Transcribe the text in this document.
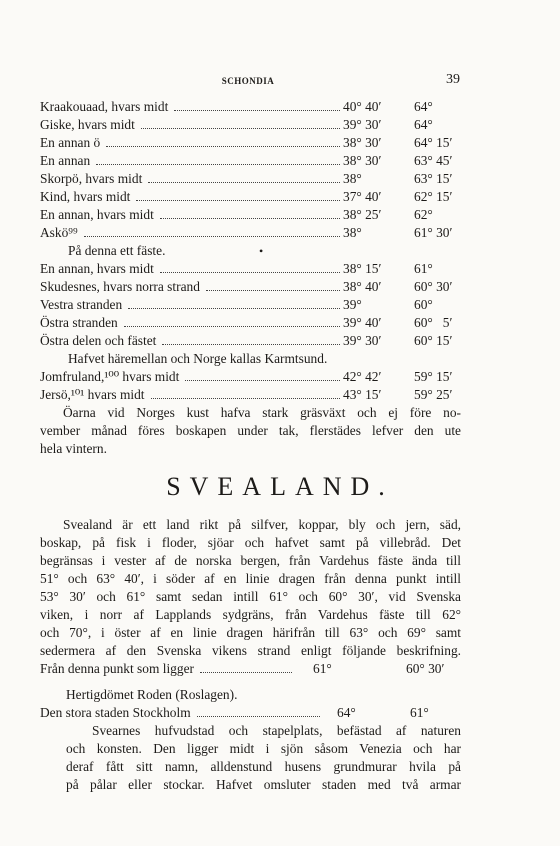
SCHONDIA	39
Kraakouaad, hvars midt	40° 40′ 64°
Giske, hvars midt	39° 30′ 64°
En annan ö	38° 30′ 64° 15′
En annan	38° 30′ 63° 45′
Skorpö, hvars midt	38°	63° 15′
Kind, hvars midt	37° 40′ 62° 15′
En annan, hvars midt	38° 25′ 62°
Askö⁹⁹	38°	61° 30′
På denna ett fäste.	•
En annan, hvars midt	38° 15′ 61°
Skudesnes, hvars norra strand	38° 40′ 60° 30′
Vestra stranden	39°	60°
Östra stranden	39° 40′ 60°   5′
Östra delen och fästet	39° 30′ 60° 15′
Hafvet häremellan och Norge kallas Karmtsund.
Jomfruland,¹⁰⁰ hvars midt	42° 42′ 59° 15′
Jersö,¹⁰¹ hvars midt	43° 15′ 59° 25′
Öarna vid Norges kust hafva stark gräsväxt och ej före no-
vember månad föres boskapen under tak, flerstädes lefver den ute
hela vintern.
SVEALAND.
Svealand är ett land rikt på silfver, koppar, bly och jern, säd,
boskap, på fisk i floder, sjöar och hafvet samt på villebråd. Det
begränsas i vester af de norska bergen, från Vardehus fäste ända till
51° och 63° 40′, i söder af en linie dragen från denna punkt intill
53° 30′ och 61° samt sedan intill 61° och 60° 30′, vid Svenska
viken, i norr af Lapplands sydgräns, från Vardehus fäste till 62°
och 70°, i öster af en linie dragen härifrån till 63° och 69° samt
sedermera af den Svenska vikens strand enligt följande beskrifning.
Från denna punkt som ligger	61°	60° 30′
Hertigdömet Roden (Roslagen).
Den stora staden Stockholm	64°	61°
Svearnes hufvudstad och stapelplats, befästad af naturen
och konsten. Den ligger midt i sjön såsom Venezia och har
deraf fått sitt namn, alldenstund husens grundmurar hvila på
på pålar eller stockar. Hafvet omsluter staden med två armar
